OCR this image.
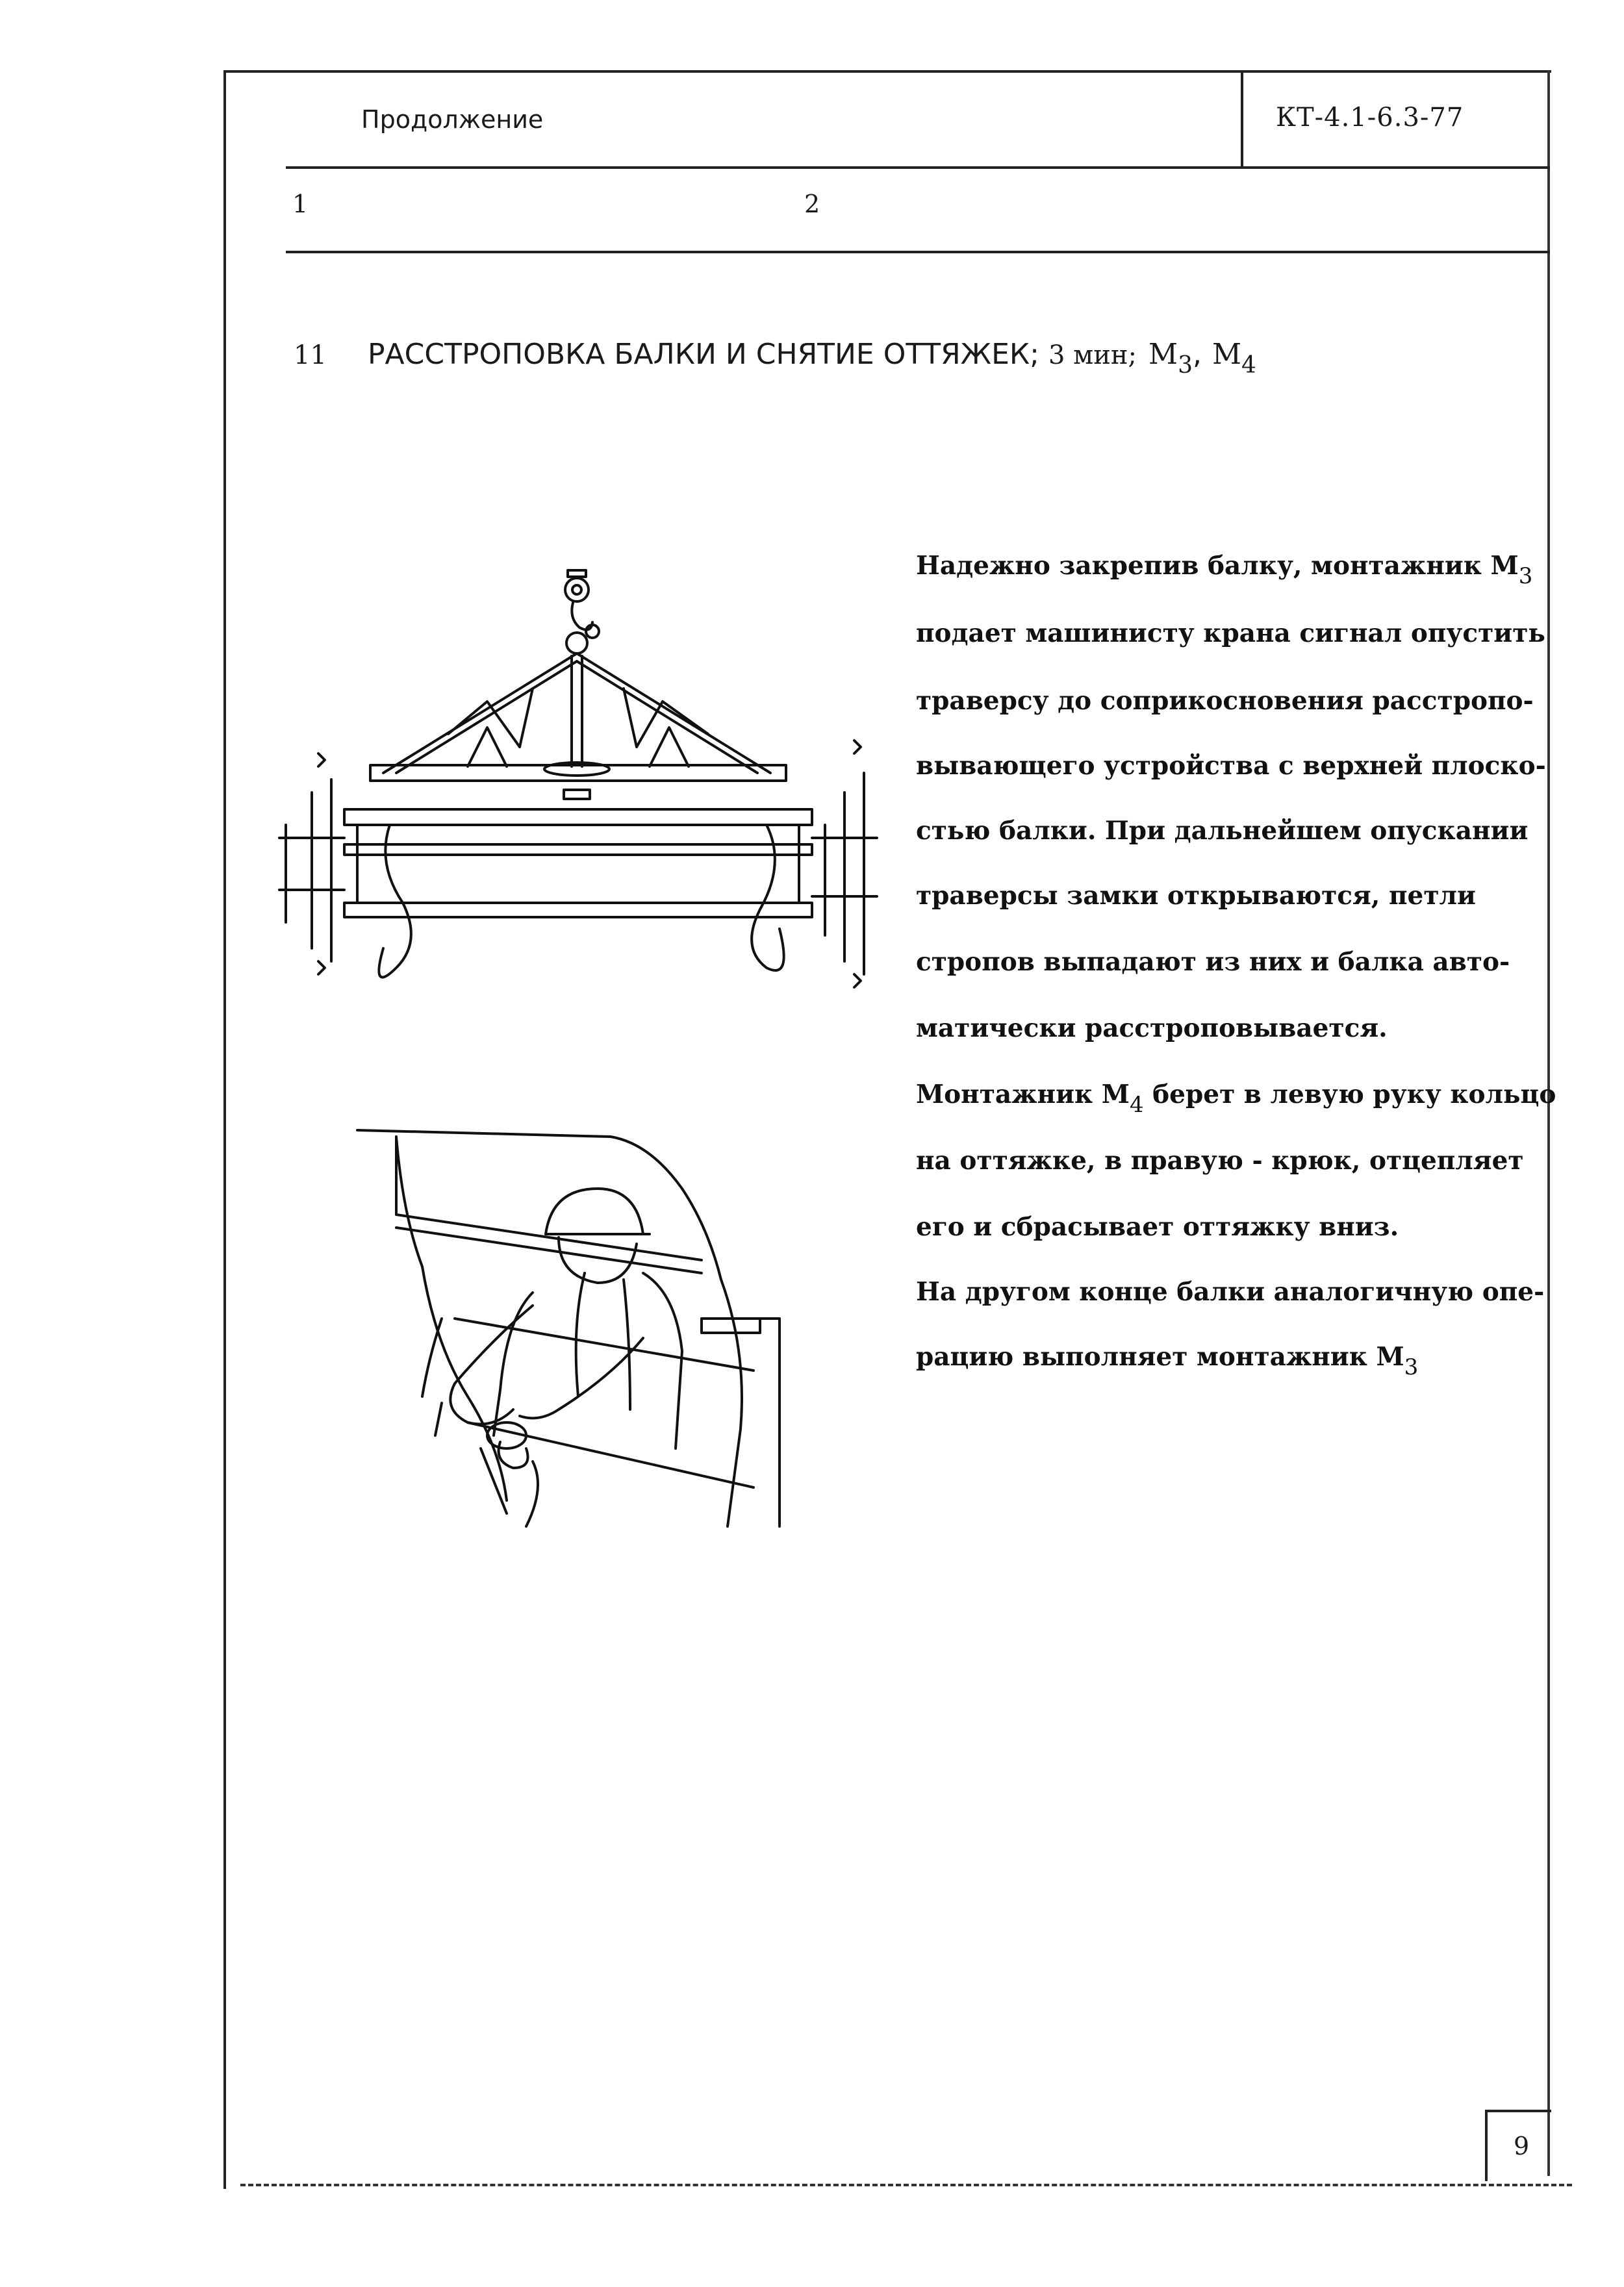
Продолжение	КТ-4.1-6.3-77
1	2
11 РАССТРОПОВКА БАЛКИ И СНЯТИЕ ОТТЯЖЕК; 3 мин; $М_3$, $М_4$
Надежно закрепив балку, монтажник $М_3$
подает машинисту крана сигнал опустить
траверсу до соприкосновения расстропо-
вывающего устройства с верхней плоско-
стью балки. При дальнейшем опускании
траверсы замки открываются, петли
стропов выпадают из них и балка авто-
матически расстроповывается.
Монтажник $М_4$ берет в левую руку кольцо
на оттяжке, в правую - крюк, отцепляет
его и сбрасывает оттяжку вниз.
На другом конце балки аналогичную опе-
рацию выполняет монтажник $М_3$
9
